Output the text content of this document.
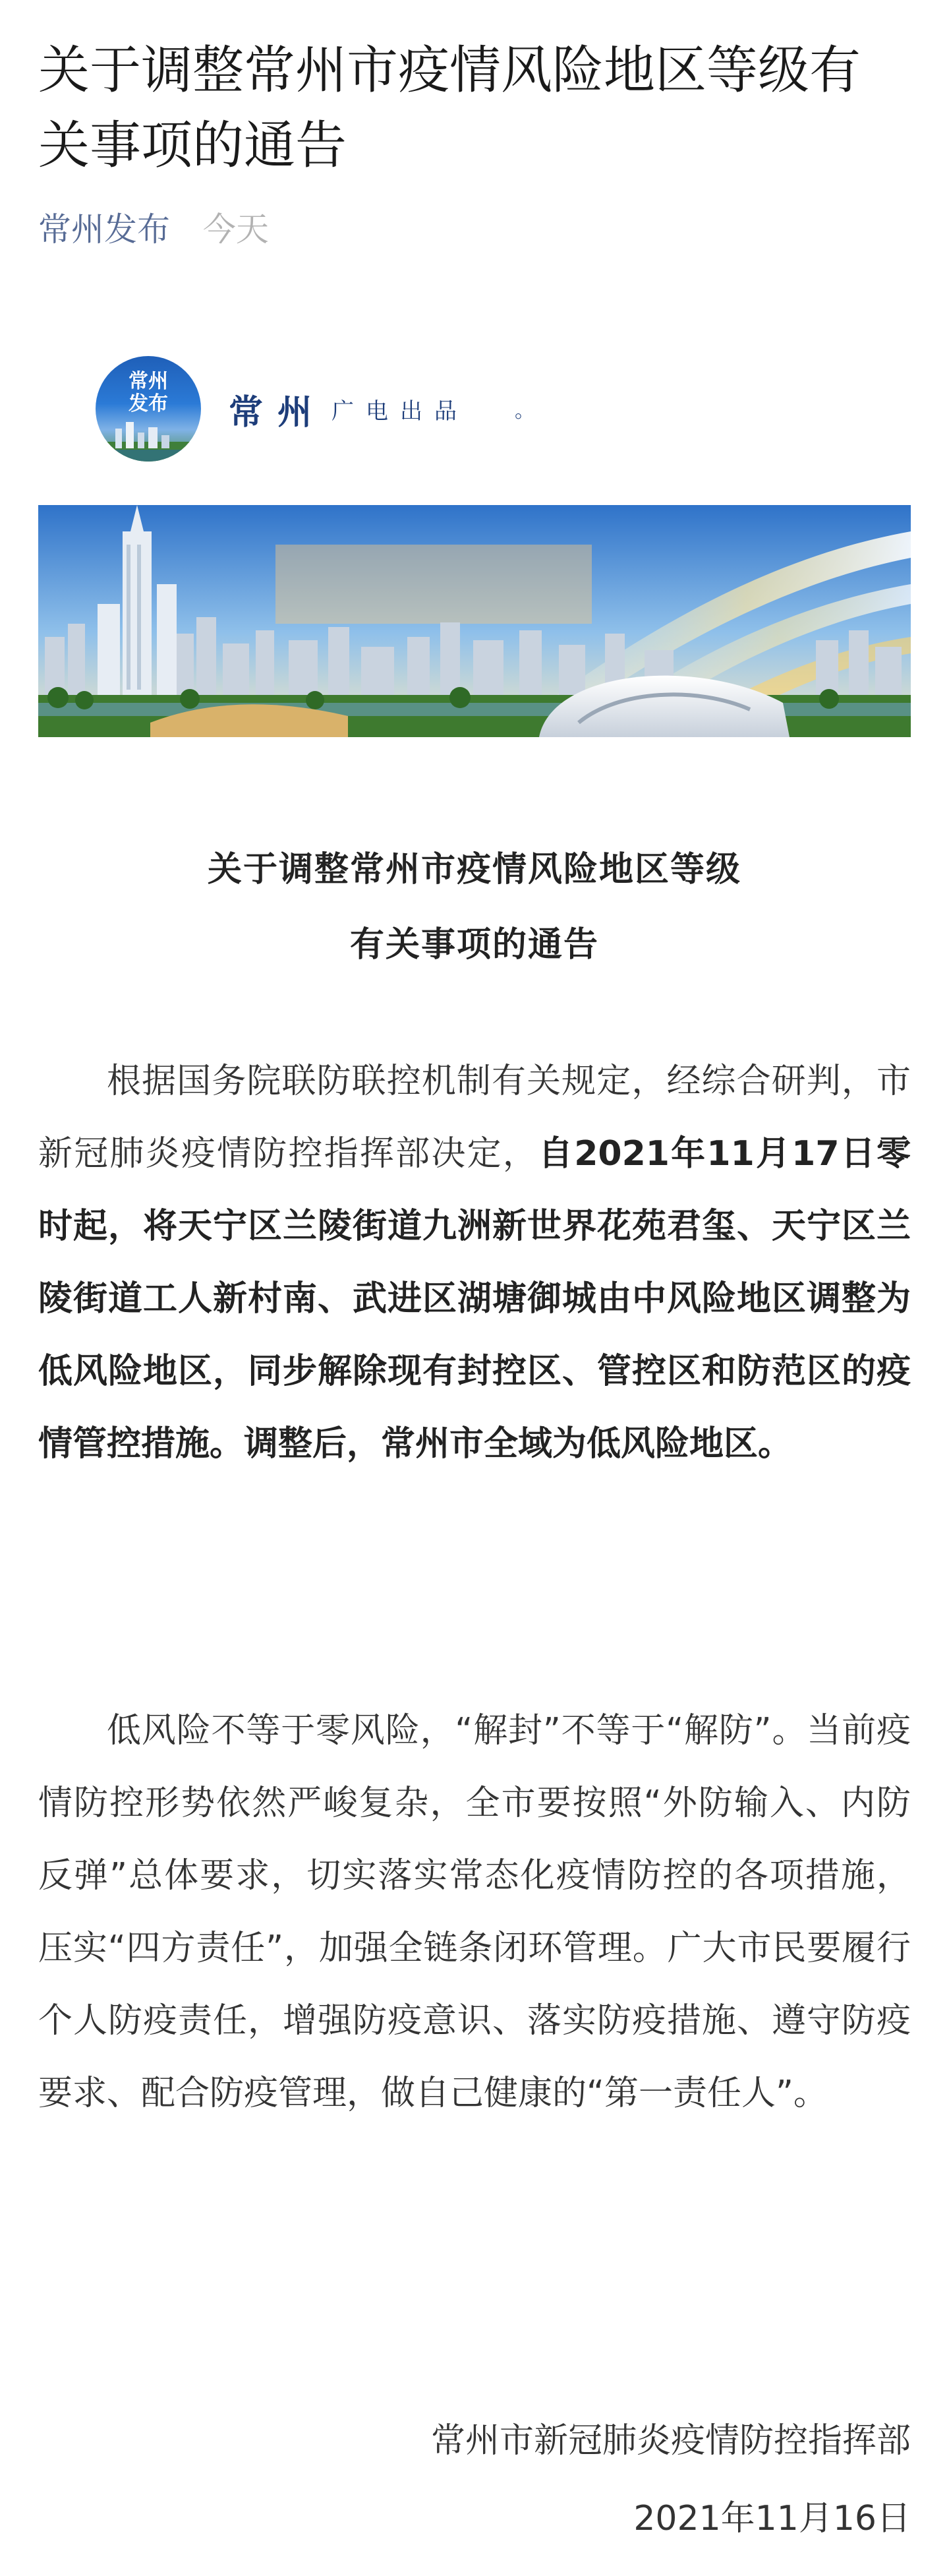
关于调整常州市疫情风险地区等级有关事项的通告
常州发布 今天
常州
发布	常州 广电出品 。
关于调整常州市疫情风险地区等级
有关事项的通告

根据国务院联防联控机制有关规定，经综合研判，市新冠肺炎疫情防控指挥部决定，自2021年11月17日零时起，将天宁区兰陵街道九洲新世界花苑君玺、天宁区兰陵街道工人新村南、武进区湖塘御城由中风险地区调整为低风险地区，同步解除现有封控区、管控区和防范区的疫情管控措施。调整后，常州市全域为低风险地区。

低风险不等于零风险，“解封”不等于“解防”。当前疫情防控形势依然严峻复杂，全市要按照“外防输入、内防反弹”总体要求，切实落实常态化疫情防控的各项措施，压实“四方责任”，加强全链条闭环管理。广大市民要履行个人防疫责任，增强防疫意识、落实防疫措施、遵守防疫要求、配合防疫管理，做自己健康的“第一责任人”。

常州市新冠肺炎疫情防控指挥部
2021年11月16日
